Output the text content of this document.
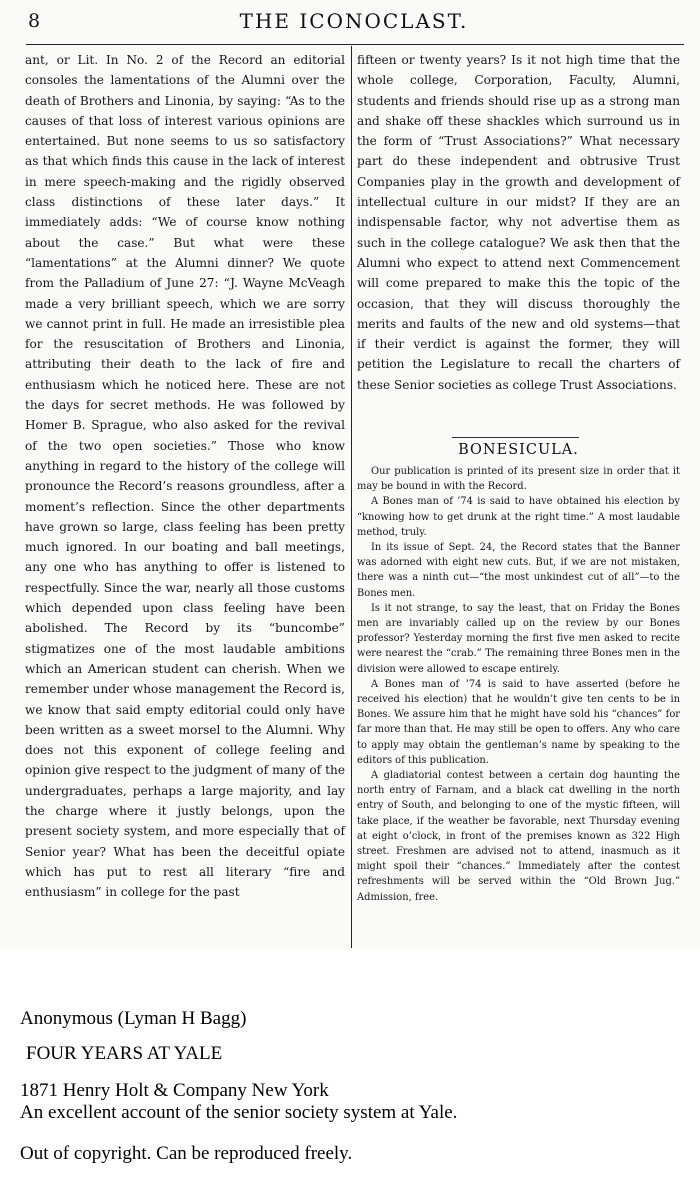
8	THE ICONOCLAST.

ant, or Lit. In No. 2 of the Record an editorial consoles the lamentations of the Alumni over the death of Brothers and Linonia, by saying: “As to the causes of that loss of interest various opinions are entertained. But none seems to us so satisfactory as that which finds this cause in the lack of interest in mere speech-making and the rigidly observed class distinctions of these later days.” It immediately adds: “We of course know nothing about the case.” But what were these “lamentations” at the Alumni dinner? We quote from the Palladium of June 27: “J. Wayne McVeagh made a very brilliant speech, which we are sorry we cannot print in full. He made an irresistible plea for the resuscitation of Brothers and Linonia, attributing their death to the lack of fire and enthusiasm which he noticed here. These are not the days for secret methods. He was followed by Homer B. Sprague, who also asked for the revival of the two open societies.” Those who know anything in regard to the history of the college will pronounce the Record’s reasons groundless, after a moment’s reflection. Since the other departments have grown so large, class feeling has been pretty much ignored. In our boating and ball meetings, any one who has anything to offer is listened to respectfully. Since the war, nearly all those customs which depended upon class feeling have been abolished. The Record by its “buncombe” stigmatizes one of the most laudable ambitions which an American student can cherish. When we remember under whose management the Record is, we know that said empty editorial could only have been written as a sweet morsel to the Alumni. Why does not this exponent of college feeling and opinion give respect to the judgment of many of the undergraduates, perhaps a large majority, and lay the charge where it justly belongs, upon the present society system, and more especially that of Senior year? What has been the deceitful opiate which has put to rest all literary “fire and enthusiasm” in college for the past

fifteen or twenty years? Is it not high time that the whole college, Corporation, Faculty, Alumni, students and friends should rise up as a strong man and shake off these shackles which surround us in the form of “Trust Associations?” What necessary part do these independent and obtrusive Trust Companies play in the growth and development of intellectual culture in our midst? If they are an indispensable factor, why not advertise them as such in the college catalogue? We ask then that the Alumni who expect to attend next Commencement will come prepared to make this the topic of the occasion, that they will discuss thoroughly the merits and faults of the new and old systems—that if their verdict is against the former, they will petition the Legislature to recall the charters of these Senior societies as college Trust Associations.

BONESICULA.

Our publication is printed of its present size in order that it may be bound in with the Record.

A Bones man of ’74 is said to have obtained his election by “knowing how to get drunk at the right time.” A most laudable method, truly.

In its issue of Sept. 24, the Record states that the Banner was adorned with eight new cuts. But, if we are not mistaken, there was a ninth cut—“the most unkindest cut of all”—to the Bones men.

Is it not strange, to say the least, that on Friday the Bones men are invariably called up on the review by our Bones professor? Yesterday morning the first five men asked to recite were nearest the “crab.” The remaining three Bones men in the division were allowed to escape entirely.

A Bones man of ’74 is said to have asserted (before he received his election) that he wouldn’t give ten cents to be in Bones. We assure him that he might have sold his “chances” for far more than that. He may still be open to offers. Any who care to apply may obtain the gentleman’s name by speaking to the editors of this publication.

A gladiatorial contest between a certain dog haunting the north entry of Farnam, and a black cat dwelling in the north entry of South, and belonging to one of the mystic fifteen, will take place, if the weather be favorable, next Thursday evening at eight o’clock, in front of the premises known as 322 High street. Freshmen are advised not to attend, inasmuch as it might spoil their “chances.” Immediately after the contest refreshments will be served within the “Old Brown Jug.” Admission, free.

Anonymous (Lyman H Bagg)
FOUR YEARS AT YALE
1871 Henry Holt & Company New York
An excellent account of the senior society system at Yale.
Out of copyright. Can be reproduced freely.
